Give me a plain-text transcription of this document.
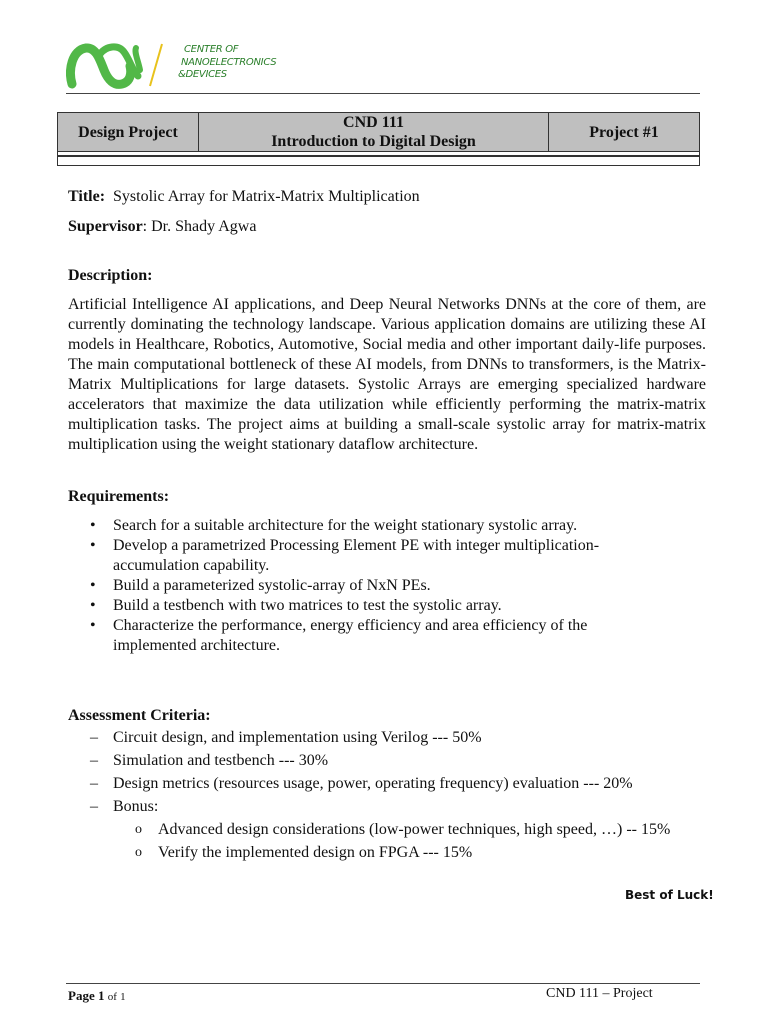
CENTER OF
NANOELECTRONICS
&DEVICES
Design Project
CND 111
Introduction to Digital Design
Project #1
Title: Systolic Array for Matrix-Matrix Multiplication
Supervisor: Dr. Shady Agwa
Description:
Artificial Intelligence AI applications, and Deep Neural Networks DNNs at the core of them, are currently dominating the technology landscape. Various application domains are utilizing these AI models in Healthcare, Robotics, Automotive, Social media and other important daily-life purposes. The main computational bottleneck of these AI models, from DNNs to transformers, is the Matrix-Matrix Multiplications for large datasets. Systolic Arrays are emerging specialized hardware accelerators that maximize the data utilization while efficiently performing the matrix-matrix multiplication tasks. The project aims at building a small-scale systolic array for matrix-matrix multiplication using the weight stationary dataflow architecture.
Requirements:
• Search for a suitable architecture for the weight stationary systolic array.
• Develop a parametrized Processing Element PE with integer multiplication-accumulation capability.
• Build a parameterized systolic-array of NxN PEs.
• Build a testbench with two matrices to test the systolic array.
• Characterize the performance, energy efficiency and area efficiency of the implemented architecture.
Assessment Criteria:
– Circuit design, and implementation using Verilog --- 50%
– Simulation and testbench --- 30%
– Design metrics (resources usage, power, operating frequency) evaluation --- 20%
– Bonus:
o Advanced design considerations (low-power techniques, high speed, …) -- 15%
o Verify the implemented design on FPGA --- 15%
Best of Luck!
Page 1 of 1	CND 111 – Project
